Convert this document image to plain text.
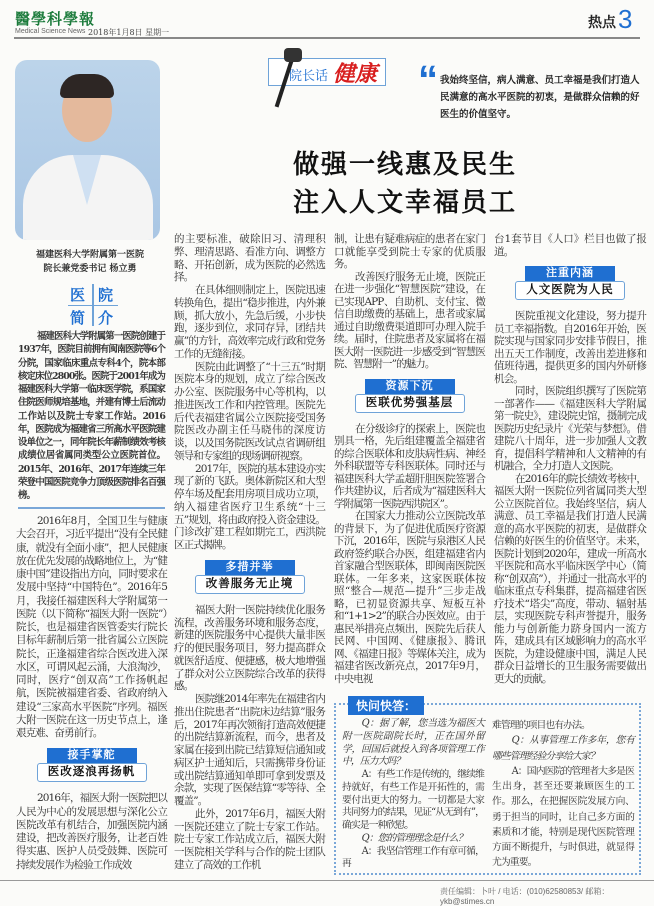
醫學科學報
Medical Science News 2018年1月8日 星期一
热点 3
院长话 健康 “ 我始终坚信，病人满意、员工幸福是我们打造人民满意的高水平医院的初衷，是做群众信赖的好医生的价值坚守。
福建医科大学附属第一医院
院长兼党委书记 杨立勇
医 院
简 介
福建医科大学附属第一医院创建于1937年，医院目前拥有闽南医院等6个分院，国家临床重点专科4个，院本部核定床位2800张。医院于2001年成为福建医科大学第一临床医学院，系国家住院医师规培基地，并建有博士后流动工作站以及院士专家工作站。2016年，医院成为福建省三所高水平医院建设单位之一，同年院长年薪制绩效考核成绩位居省属同类型公立医院首位。2015年、2016年、2017年连续三年荣登中国医院竞争力顶级医院排名百强榜。
做强一线惠及民生
注入人文幸福员工

2016年8月，全国卫生与健康大会召开，习近平提出“没有全民健康，就没有全面小康”，把人民健康放在优先发展的战略地位上，为“健康中国”建设指出方向，同时要求在发展中坚持“中国特色”。2016年5月，我接任福建医科大学附属第一医院（以下简称“福医大附一医院”）院长，也是福建省医管委实行院长目标年薪制后第一批省属公立医院院长，正逢福建省综合医改进入深水区，可谓风起云涌，大浪淘沙，同时，医疗“创双高”工作扬帆起航，医院被福建省委、省政府纳入建设“三家高水平医院”序列。福医大附一医院在这一历史节点上，逢艰克难、奋勇前行。

接手掌舵
医改逐浪再扬帆

2016年，福医大附一医院把以人民为中心的发展思想与深化公立医院改革有机结合，加强医院内涵建设，把改善医疗服务，让老百姓得实惠、医护人员受鼓舞、医院可持续发展作为检验工作成效

的主要标准，破除旧习、清理积弊、理清思路、看准方向、调整方略、开拓创新，成为医院的必然选择。

在具体细则制定上，医院迅速转换角色，提出“稳步推进，内外兼顾，抓大放小，先急后缓，小步快跑，逐步到位，求同存异，团结共赢”的方针，高效率完成行政和党务工作的无缝衔接。

医院由此调整了“十三五”时期医院本身的规划，成立了综合医改办公室、医院服务中心等机构，以推进医改工作和内控管理。医院先后代表福建省属公立医院接受国务院医改办副主任马晓伟的深度访谈，以及国务院医改试点省调研组领导和专家组的现场调研视察。

2017年，医院的基本建设亦实现了新的飞跃。奥体新院区和大型停车场及配套用房项目成功立项，纳入福建省医疗卫生系统“十三五”规划，将由政府投入资金建设。门诊改扩建工程如期完工，西洪院区正式揭牌。

多措并举
改善服务无止境

福医大附一医院持续优化服务流程，改善服务环境和服务态度，新建的医院服务中心提供大量非医疗的便民服务项目，努力提高群众就医舒适度、便捷感，极大地增强了群众对公立医院综合改革的获得感。

医院继2014年率先在福建省内推出住院患者“出院床边结算”服务后，2017年再次领衔打造高效便捷的出院结算新流程，而今，患者及家属在接到出院已结算短信通知或病区护士通知后，只需携带身份证或出院结算通知单即可拿到发票及余款，实现了医保结算“零等待、全覆盖”。

此外，2017年6月，福医大附一医院还建立了院士专家工作站。院士专家工作站成立后，福医大附一医院相关学科与合作的院士团队建立了高效的工作机

制，让患有疑难病症的患者在家门口就能享受到院士专家的优质服务。

改善医疗服务无止境，医院正在进一步强化“智慧医院”建设，在已实现APP、自助机、支付宝、微信自助缴费的基础上，患者或家属通过自助缴费渠道即可办理入院手续。届时，住院患者及家属将在福医大附一医院进一步感受到“智慧医院、智慧附一”的魅力。

资源下沉
医联优势强基层

在分级诊疗的探索上，医院也别具一格，先后组建覆盖全福建省的综合医联体和皮肤病性病、神经外科联盟等专科医联体。同时还与福建医科大学孟超肝胆医院签署合作共建协议，后者成为“福建医科大学附属第一医院西洪院区”。

在国家大力推动公立医院改革的背景下，为了促进优质医疗资源下沉，2016年，医院与泉港区人民政府签约联合办医，组建福建省内首家融合型医联体，即闽南医院医联体。一年多来，这家医联体按照“整合—规范—提升”三步走战略，已初显资源共享、短板互补和“1+1>2”的联合办医效应。由于惠民举措亮点频出，医院先后获人民网、中国网、《健康报》、腾讯网、《福建日报》等媒体关注，成为福建省医改新亮点，2017年9月，中央电视

台1套节目《人口》栏目也做了报道。

注重内涵
人文医院为人民

医院重视文化建设，努力提升员工幸福指数。自2016年开始，医院实现与国家同步安排节假日，推出五天工作制度，改善出差进修和值班待遇，提供更多的国内外研修机会。

同时，医院组织撰写了医院第一部著作——《福建医科大学附属第一院史》，建设院史馆，摄制完成医院历史纪录片《光荣与梦想》。借建院八十周年，进一步加强人文教育，提倡科学精神和人文精神的有机融合，全力打造人文医院。

在2016年的院长绩效考核中，福医大附一医院位列省属同类大型公立医院首位。我始终坚信，病人满意、员工幸福是我们打造人民满意的高水平医院的初衷，是做群众信赖的好医生的价值坚守。未来，医院计划到2020年，建成一所高水平医院和高水平临床医学中心（简称“创双高”），并通过一批高水平的临床重点专科集群，提高福建省医疗技术“塔尖”高度，带动、辐射基层，实现医院专科声誉提升，服务能力与创新能力跻身国内一流方阵，建成具有区域影响力的高水平医院，为建设健康中国，满足人民群众日益增长的卫生服务需要做出更大的贡献。

快问快答：

Q：据了解，您当选为福医大附一医院副院长时，正在国外留学，回国后就投入到各项管理工作中，压力大吗？

A：有些工作是传统的，继续维持就好，有些工作是开拓性的，需要付出更大的努力。一切都是大家共同努力的结果，见证“从无到有”，确实是一种欣慰。

Q：您的管理理念是什么？

A：我坚信管理工作有章可循，再

难管理的项目也有办法。

Q：从事管理工作多年，您有哪些管理经验分享给大家？

A：国内医院的管理者大多是医生出身，甚至还要兼顾医生的工作。那么，在把握医院发展方向、勇于担当的同时，让自己多方面的素质和才能，特别是现代医院管理方面不断提升，与时俱进，就显得尤为重要。

责任编辑：卜叶 / 电话：(010)62580853/ 邮箱：ykb@stimes.cn
